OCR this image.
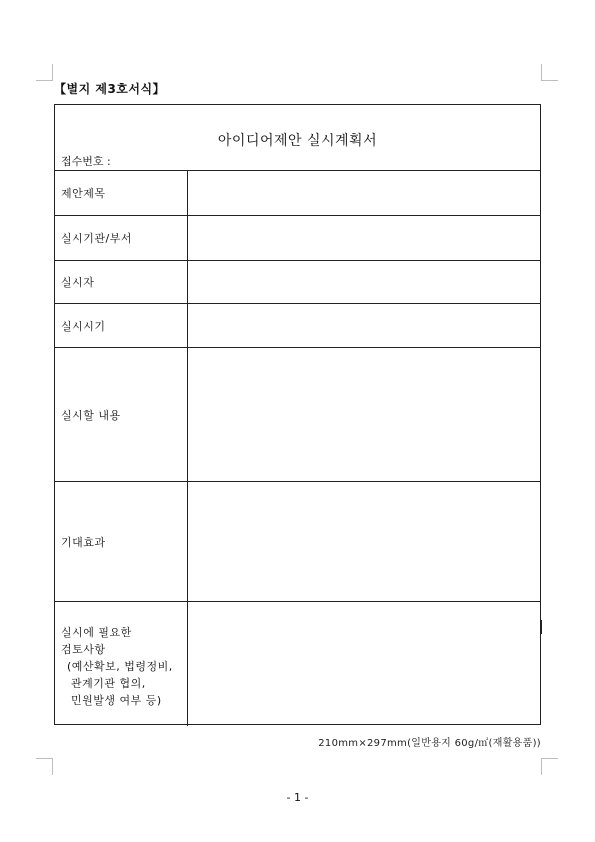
【별지 제3호서식】
아이디어제안 실시계획서
접수번호 :
제안제목
실시기관/부서
실시자
실시시기
실시할 내용
기대효과
실시에 필요한
검토사항

(예산확보, 법령정비,
관계기관 협의,
민원발생 여부 등)
210mm×297mm(일반용지 60g/㎡(재활용품))
- 1 -
